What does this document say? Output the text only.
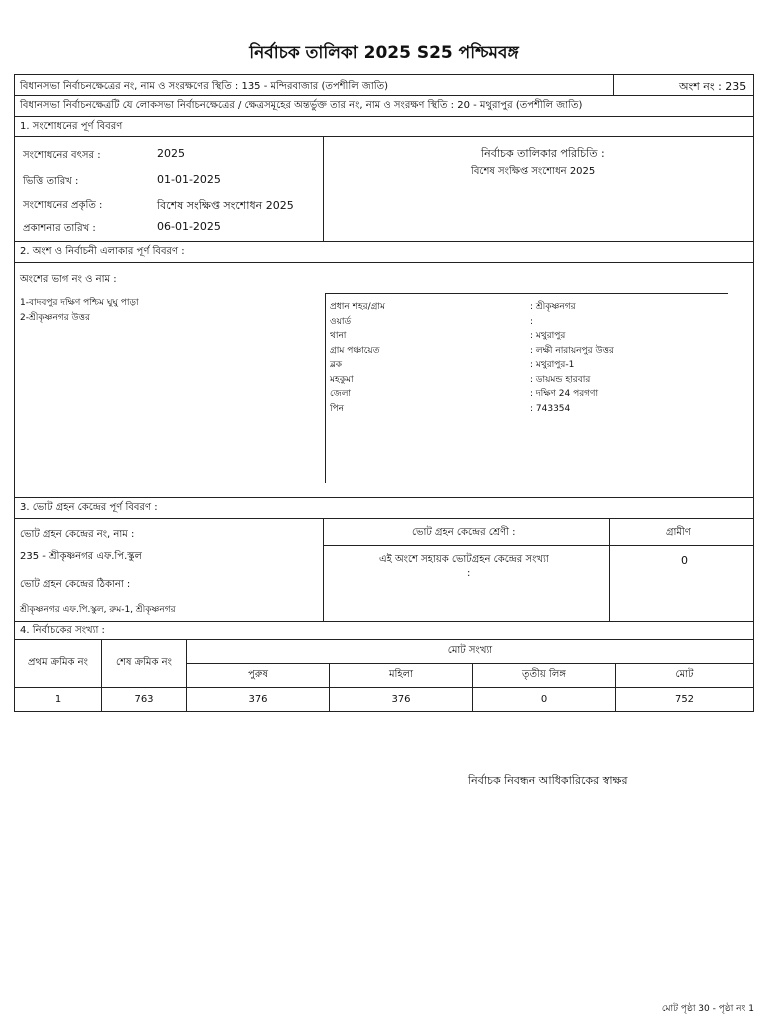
নির্বাচক তালিকা 2025 S25 পশ্চিমবঙ্গ
বিধানসভা নির্বাচনক্ষেত্রের নং, নাম ও সংরক্ষণের স্থিতি : 135 - মন্দিরবাজার (তপশীলি জাতি)	অংশ নং : 235
বিধানসভা নির্বাচনক্ষেত্রটি যে লোকসভা নির্বাচনক্ষেত্রের / ক্ষেত্রসমূহের অন্তর্ভুক্ত তার নং, নাম ও সংরক্ষণ স্থিতি : 20 - মথুরাপুর (তপশীলি জাতি)
1. সংশোধনের পূর্ণ বিবরণ
সংশোধনের বৎসর :	2025
ভিত্তি তারিখ :	01-01-2025
সংশোধনের প্রকৃতি :	বিশেষ সংক্ষিপ্ত সংশোধন 2025
প্রকাশনার তারিখ :	06-01-2025
নির্বাচক তালিকার পরিচিতি :
বিশেষ সংক্ষিপ্ত সংশোধন 2025
2. অংশ ও নির্বাচনী এলাকার পূর্ণ বিবরণ :
অংশের ভাগ নং ও নাম :
1-বাদবপুর দক্ষিণ পশ্চিম ঘুঘু পাড়া
2-শ্রীকৃষ্ণনগর উত্তর
প্রধান শহর/গ্রাম	: শ্রীকৃষ্ণনগর
ওয়ার্ড	:
থানা	: মথুরাপুর
গ্রাম পঞ্চায়েত	: লক্ষী নারায়নপুর উত্তর
ব্লক	: মথুরাপুর-1
মহকুমা	: ডায়মন্ড হারবার
জেলা	: দক্ষিণ 24 পরগণা
পিন	: 743354
3. ভোট গ্রহন কেন্দ্রের পূর্ণ বিবরণ :
ভোট গ্রহন কেন্দ্রের নং, নাম :
235 - শ্রীকৃষ্ণনগর এফ.পি.স্কুল
ভোট গ্রহন কেন্দ্রের ঠিকানা :
শ্রীকৃষ্ণনগর এফ.পি.স্কুল, রুম-1, শ্রীকৃষ্ণনগর
ভোট গ্রহন কেন্দ্রের শ্রেণী :	গ্রামীণ
এই অংশে সহায়ক ভোটগ্রহন কেন্দ্রের সংখ্যা
:
0
4. নির্বাচকের সংখ্যা :
প্রথম ক্রমিক নং	শেষ ক্রমিক নং	মোট সংখ্যা			
		পুরুষ	মহিলা	তৃতীয় লিঙ্গ	মোট
1	763	376	376	0	752
নির্বাচক নিবন্ধন আধিকারিকের স্বাক্ষর
মোট পৃষ্ঠা 30 - পৃষ্ঠা নং 1
